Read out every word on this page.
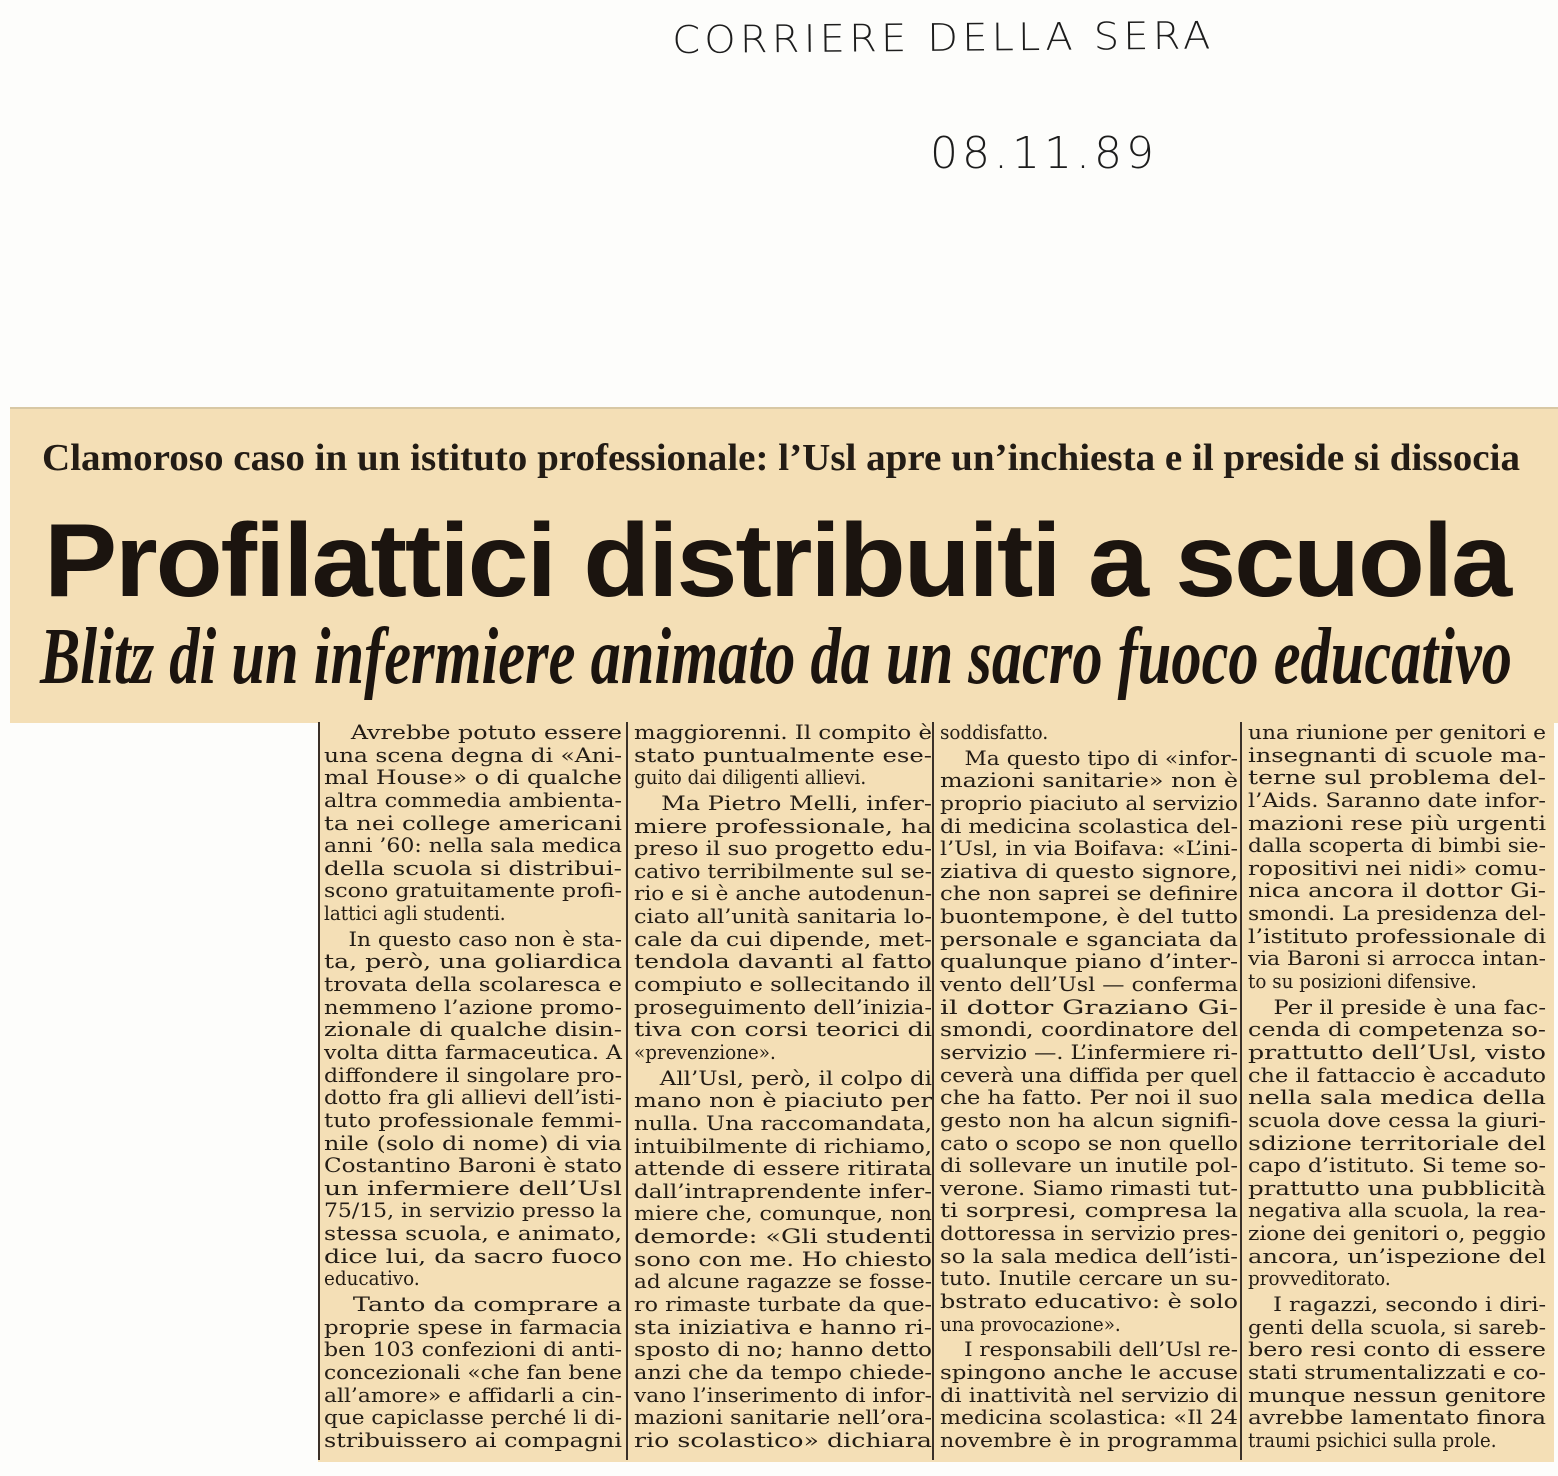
CORRIERE DELLA SERA
08.11.89
Clamoroso caso in un istituto professionale: l’Usl apre un’inchiesta e il preside si dissocia
Profilattici distribuiti a scuola
Blitz di un infermiere animato da un sacro fuoco educativo
Avrebbe potuto essere
una scena degna di «Ani-
mal House» o di qualche
altra commedia ambienta-
ta nei college americani
anni ’60: nella sala medica
della scuola si distribui-
scono gratuitamente profi-
lattici agli studenti.
In questo caso non è sta-
ta, però, una goliardica
trovata della scolaresca e
nemmeno l’azione promo-
zionale di qualche disin-
volta ditta farmaceutica. A
diffondere il singolare pro-
dotto fra gli allievi dell’isti-
tuto professionale femmi-
nile (solo di nome) di via
Costantino Baroni è stato
un infermiere dell’Usl
75/15, in servizio presso la
stessa scuola, e animato,
dice lui, da sacro fuoco
educativo.
Tanto da comprare a
proprie spese in farmacia
ben 103 confezioni di anti-
concezionali «che fan bene
all’amore» e affidarli a cin-
que capiclasse perché li di-
stribuissero ai compagni
maggiorenni. Il compito è
stato puntualmente ese-
guito dai diligenti allievi.
Ma Pietro Melli, infer-
miere professionale, ha
preso il suo progetto edu-
cativo terribilmente sul se-
rio e si è anche autodenun-
ciato all’unità sanitaria lo-
cale da cui dipende, met-
tendola davanti al fatto
compiuto e sollecitando il
proseguimento dell’inizia-
tiva con corsi teorici di
«prevenzione».
All’Usl, però, il colpo di
mano non è piaciuto per
nulla. Una raccomandata,
intuibilmente di richiamo,
attende di essere ritirata
dall’intraprendente infer-
miere che, comunque, non
demorde: «Gli studenti
sono con me. Ho chiesto
ad alcune ragazze se fosse-
ro rimaste turbate da que-
sta iniziativa e hanno ri-
sposto di no; hanno detto
anzi che da tempo chiede-
vano l’inserimento di infor-
mazioni sanitarie nell’ora-
rio scolastico» dichiara
soddisfatto.
Ma questo tipo di «infor-
mazioni sanitarie» non è
proprio piaciuto al servizio
di medicina scolastica del-
l’Usl, in via Boifava: «L’ini-
ziativa di questo signore,
che non saprei se definire
buontempone, è del tutto
personale e sganciata da
qualunque piano d’inter-
vento dell’Usl — conferma
il dottor Graziano Gi-
smondi, coordinatore del
servizio —. L’infermiere ri-
ceverà una diffida per quel
che ha fatto. Per noi il suo
gesto non ha alcun signifi-
cato o scopo se non quello
di sollevare un inutile pol-
verone. Siamo rimasti tut-
ti sorpresi, compresa la
dottoressa in servizio pres-
so la sala medica dell’isti-
tuto. Inutile cercare un su-
bstrato educativo: è solo
una provocazione».
I responsabili dell’Usl re-
spingono anche le accuse
di inattività nel servizio di
medicina scolastica: «Il 24
novembre è in programma
una riunione per genitori e
insegnanti di scuole ma-
terne sul problema del-
l’Aids. Saranno date infor-
mazioni rese più urgenti
dalla scoperta di bimbi sie-
ropositivi nei nidi» comu-
nica ancora il dottor Gi-
smondi. La presidenza del-
l’istituto professionale di
via Baroni si arrocca intan-
to su posizioni difensive.
Per il preside è una fac-
cenda di competenza so-
prattutto dell’Usl, visto
che il fattaccio è accaduto
nella sala medica della
scuola dove cessa la giuri-
sdizione territoriale del
capo d’istituto. Si teme so-
prattutto una pubblicità
negativa alla scuola, la rea-
zione dei genitori o, peggio
ancora, un’ispezione del
provveditorato.
I ragazzi, secondo i diri-
genti della scuola, si sareb-
bero resi conto di essere
stati strumentalizzati e co-
munque nessun genitore
avrebbe lamentato finora
traumi psichici sulla prole.
